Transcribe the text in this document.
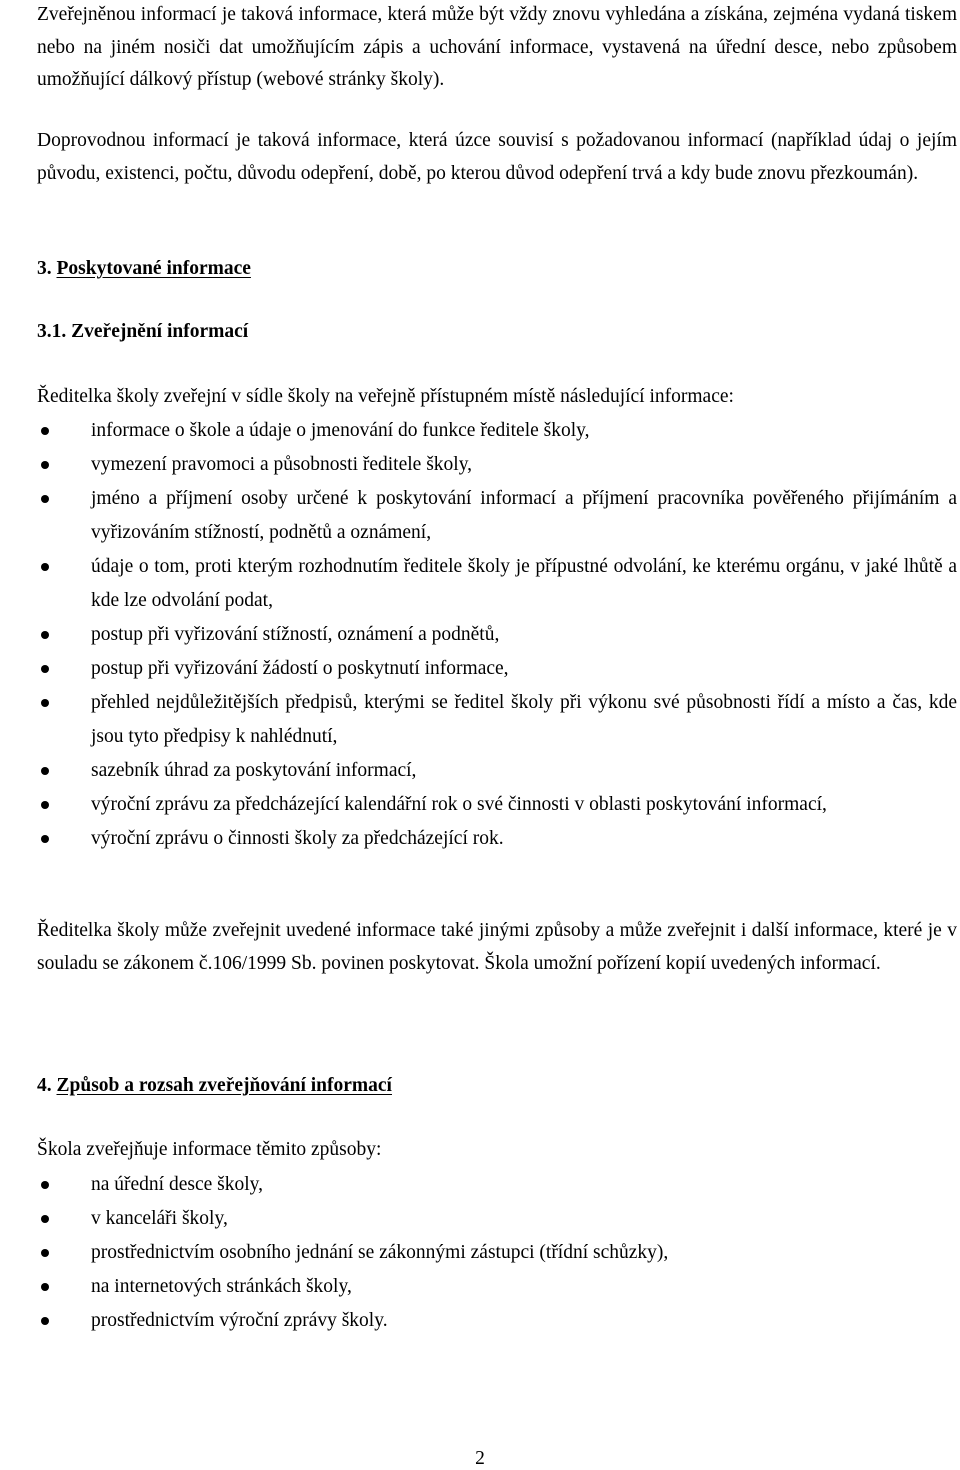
Zveřejněnou informací je taková informace, která může být vždy znovu vyhledána a získána, zejména vydaná tiskem nebo na jiném nosiči dat umožňujícím zápis a uchování informace, vystavená na úřední desce, nebo způsobem umožňující dálkový přístup (webové stránky školy).

Doprovodnou informací je taková informace, která úzce souvisí s požadovanou informací (například údaj o jejím původu, existenci, počtu, důvodu odepření, době, po kterou důvod odepření trvá a kdy bude znovu přezkoumán).

3. Poskytované informace

3.1. Zveřejnění informací

Ředitelka školy zveřejní v sídle školy na veřejně přístupném místě následující informace:

informace o škole a údaje o jmenování do funkce ředitele školy,
vymezení pravomoci a působnosti ředitele školy,
jméno a příjmení osoby určené k poskytování informací a příjmení pracovníka pověřeného přijímáním a vyřizováním stížností, podnětů a oznámení,
údaje o tom, proti kterým rozhodnutím ředitele školy je přípustné odvolání, ke kterému orgánu, v jaké lhůtě a kde lze odvolání podat,
postup při vyřizování stížností, oznámení a podnětů,
postup při vyřizování žádostí o poskytnutí informace,
přehled nejdůležitějších předpisů, kterými se ředitel školy při výkonu své působnosti řídí a místo a čas, kde jsou tyto předpisy k nahlédnutí,
sazebník úhrad za poskytování informací,
výroční zprávu za předcházející kalendářní rok o své činnosti v oblasti poskytování informací,
výroční zprávu o činnosti školy za předcházející rok.

Ředitelka školy může zveřejnit uvedené informace také jinými způsoby a může zveřejnit i další informace, které je v souladu se zákonem č.106/1999 Sb. povinen poskytovat. Škola umožní pořízení kopií uvedených informací.

4. Způsob a rozsah zveřejňování informací

Škola zveřejňuje informace těmito způsoby:

na úřední desce školy,
v kanceláři školy,
prostřednictvím osobního jednání se zákonnými zástupci (třídní schůzky),
na internetových stránkách školy,
prostřednictvím výroční zprávy školy.

2
